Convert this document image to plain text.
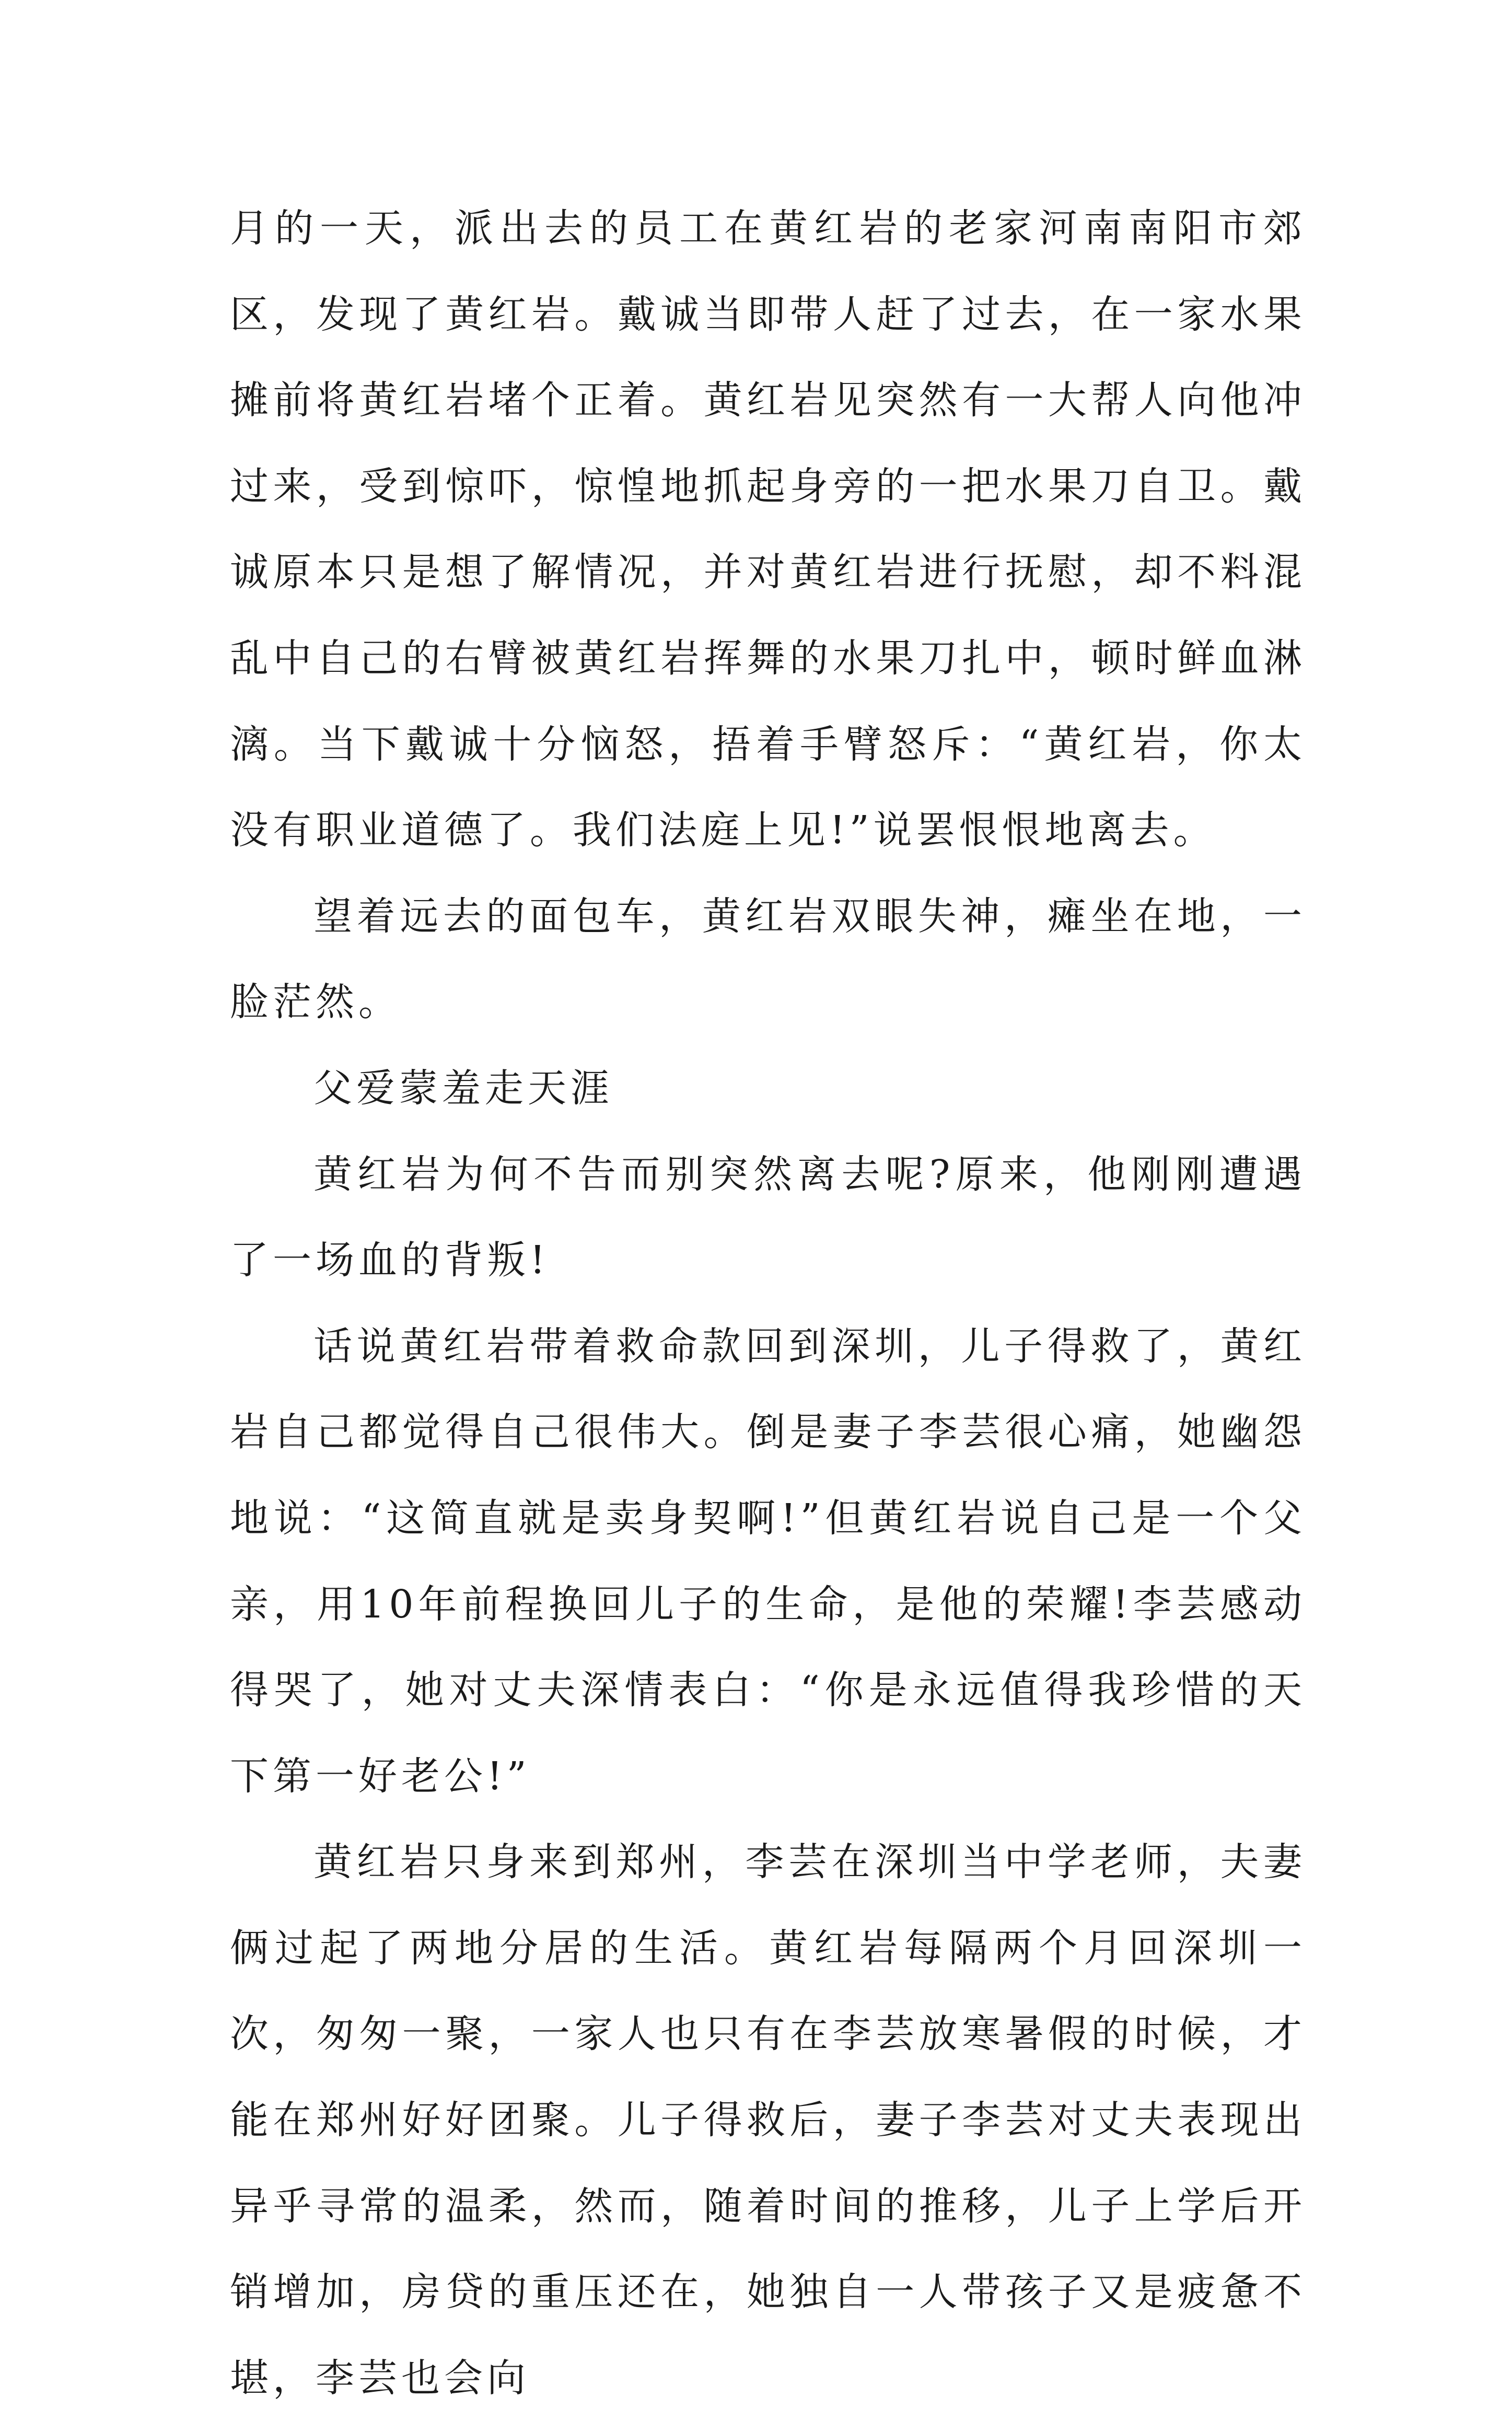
月的一天，派出去的员工在黄红岩的老家河南南阳市郊区，发现了黄红岩。戴诚当即带人赶了过去，在一家水果摊前将黄红岩堵个正着。黄红岩见突然有一大帮人向他冲过来，受到惊吓，惊惶地抓起身旁的一把水果刀自卫。戴诚原本只是想了解情况，并对黄红岩进行抚慰，却不料混乱中自己的右臂被黄红岩挥舞的水果刀扎中，顿时鲜血淋漓。当下戴诚十分恼怒，捂着手臂怒斥：“黄红岩，你太没有职业道德了。我们法庭上见!”说罢恨恨地离去。

望着远去的面包车，黄红岩双眼失神，瘫坐在地，一脸茫然。

父爱蒙羞走天涯

黄红岩为何不告而别突然离去呢?原来，他刚刚遭遇了一场血的背叛!

话说黄红岩带着救命款回到深圳，儿子得救了，黄红岩自己都觉得自己很伟大。倒是妻子李芸很心痛，她幽怨地说：“这简直就是卖身契啊!”但黄红岩说自己是一个父亲，用10年前程换回儿子的生命，是他的荣耀!李芸感动得哭了，她对丈夫深情表白：“你是永远值得我珍惜的天下第一好老公!”

黄红岩只身来到郑州，李芸在深圳当中学老师，夫妻俩过起了两地分居的生活。黄红岩每隔两个月回深圳一次，匆匆一聚，一家人也只有在李芸放寒暑假的时候，才能在郑州好好团聚。儿子得救后，妻子李芸对丈夫表现出异乎寻常的温柔，然而，随着时间的推移，儿子上学后开销增加，房贷的重压还在，她独自一人带孩子又是疲惫不堪，李芸也会向
